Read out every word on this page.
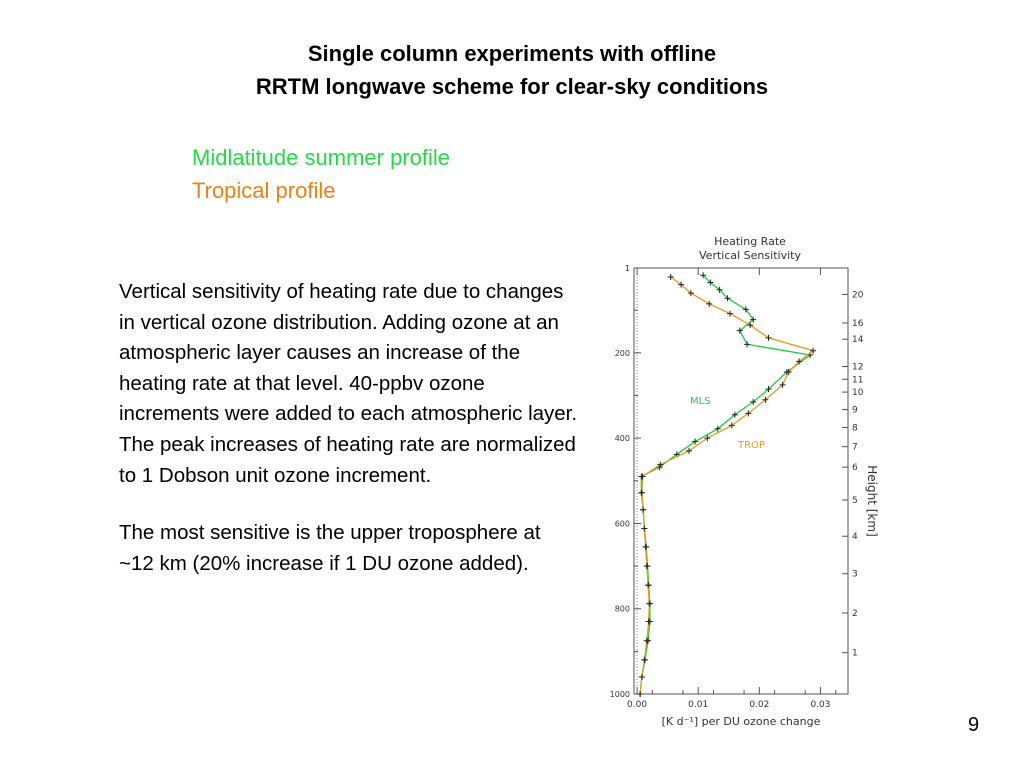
Single column experiments with offline
RRTM longwave scheme for clear-sky conditions
Midlatitude summer profile
Tropical profile

Vertical sensitivity of heating rate due to changes in vertical ozone distribution. Adding ozone at an atmospheric layer causes an increase of the heating rate at that level. 40-ppbv ozone increments were added to each atmospheric layer. The peak increases of heating rate are normalized to 1 Dobson unit ozone increment.

The most sensitive is the upper troposphere at ~12 km (20% increase if 1 DU ozone added).

Heating Rate
Vertical Sensitivity
0.00	0.01	0.02	0.03
[K d⁻¹] per DU ozone change
1
200
400
600
800
1000
1
2
3
4
5
6
7
8
9
10
11
12
14
16
20
Height [km]
MLS
TROP
9
